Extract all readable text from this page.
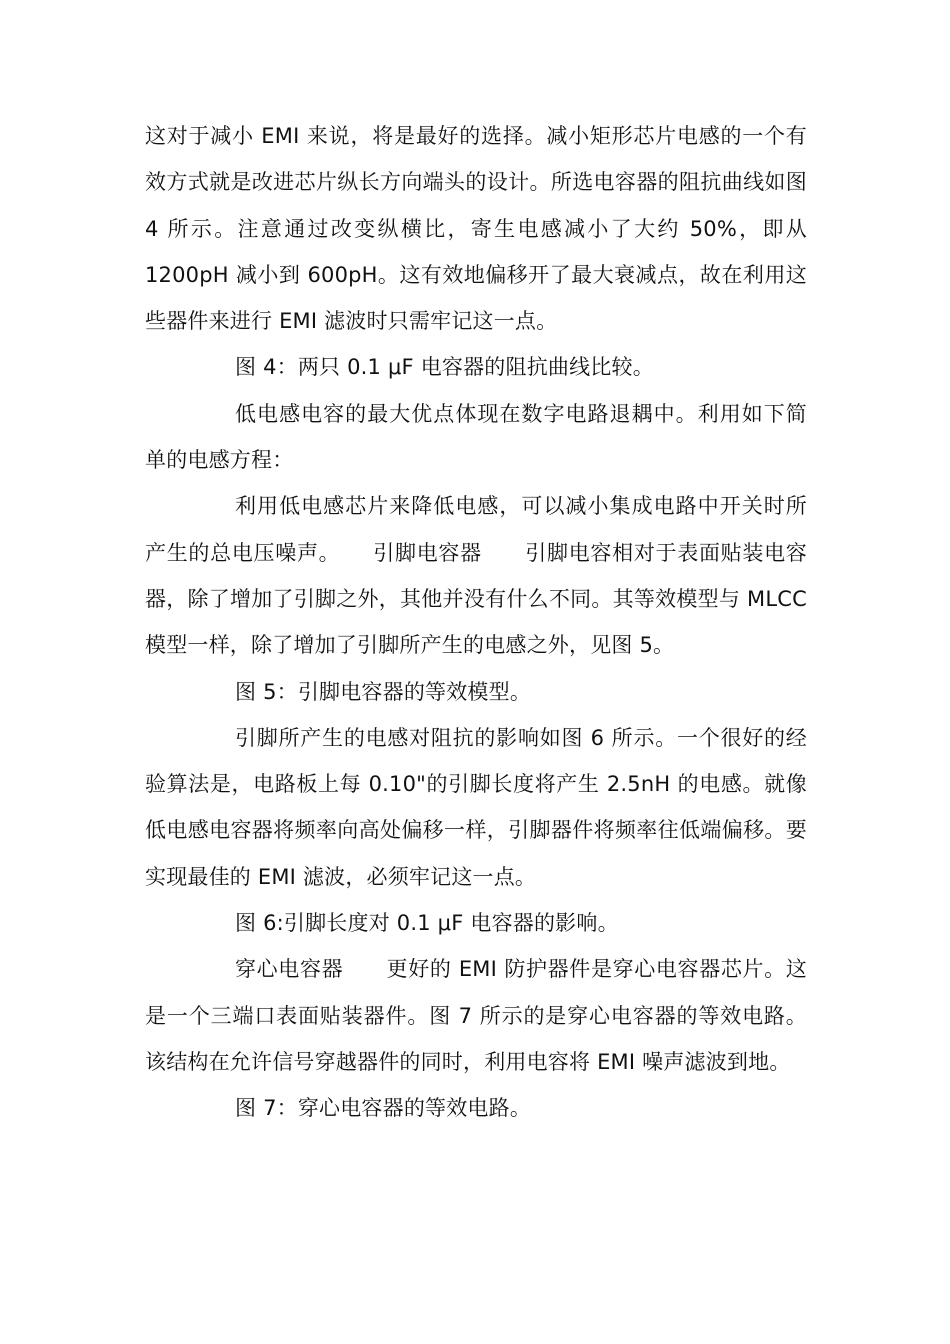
这对于减小 EMI 来说，将是最好的选择。减小矩形芯片电感的一个有效方式就是改进芯片纵长方向端头的设计。所选电容器的阻抗曲线如图 4 所示。注意通过改变纵横比，寄生电感减小了大约 50%，即从 1200pH 减小到 600pH。这有效地偏移开了最大衰减点，故在利用这些器件来进行 EMI 滤波时只需牢记这一点。

图 4：两只 0.1 μF 电容器的阻抗曲线比较。

低电感电容的最大优点体现在数字电路退耦中。利用如下简单的电感方程：

利用低电感芯片来降低电感，可以减小集成电路中开关时所产生的总电压噪声。　　引脚电容器　　引脚电容相对于表面贴装电容器，除了增加了引脚之外，其他并没有什么不同。其等效模型与 MLCC 模型一样，除了增加了引脚所产生的电感之外，见图 5。

图 5：引脚电容器的等效模型。

引脚所产生的电感对阻抗的影响如图 6 所示。一个很好的经验算法是，电路板上每 0.10"的引脚长度将产生 2.5nH 的电感。就像低电感电容器将频率向高处偏移一样，引脚器件将频率往低端偏移。要实现最佳的 EMI 滤波，必须牢记这一点。

图 6:引脚长度对 0.1 μF 电容器的影响。

穿心电容器　　更好的 EMI 防护器件是穿心电容器芯片。这是一个三端口表面贴装器件。图 7 所示的是穿心电容器的等效电路。该结构在允许信号穿越器件的同时，利用电容将 EMI 噪声滤波到地。

图 7：穿心电容器的等效电路。
